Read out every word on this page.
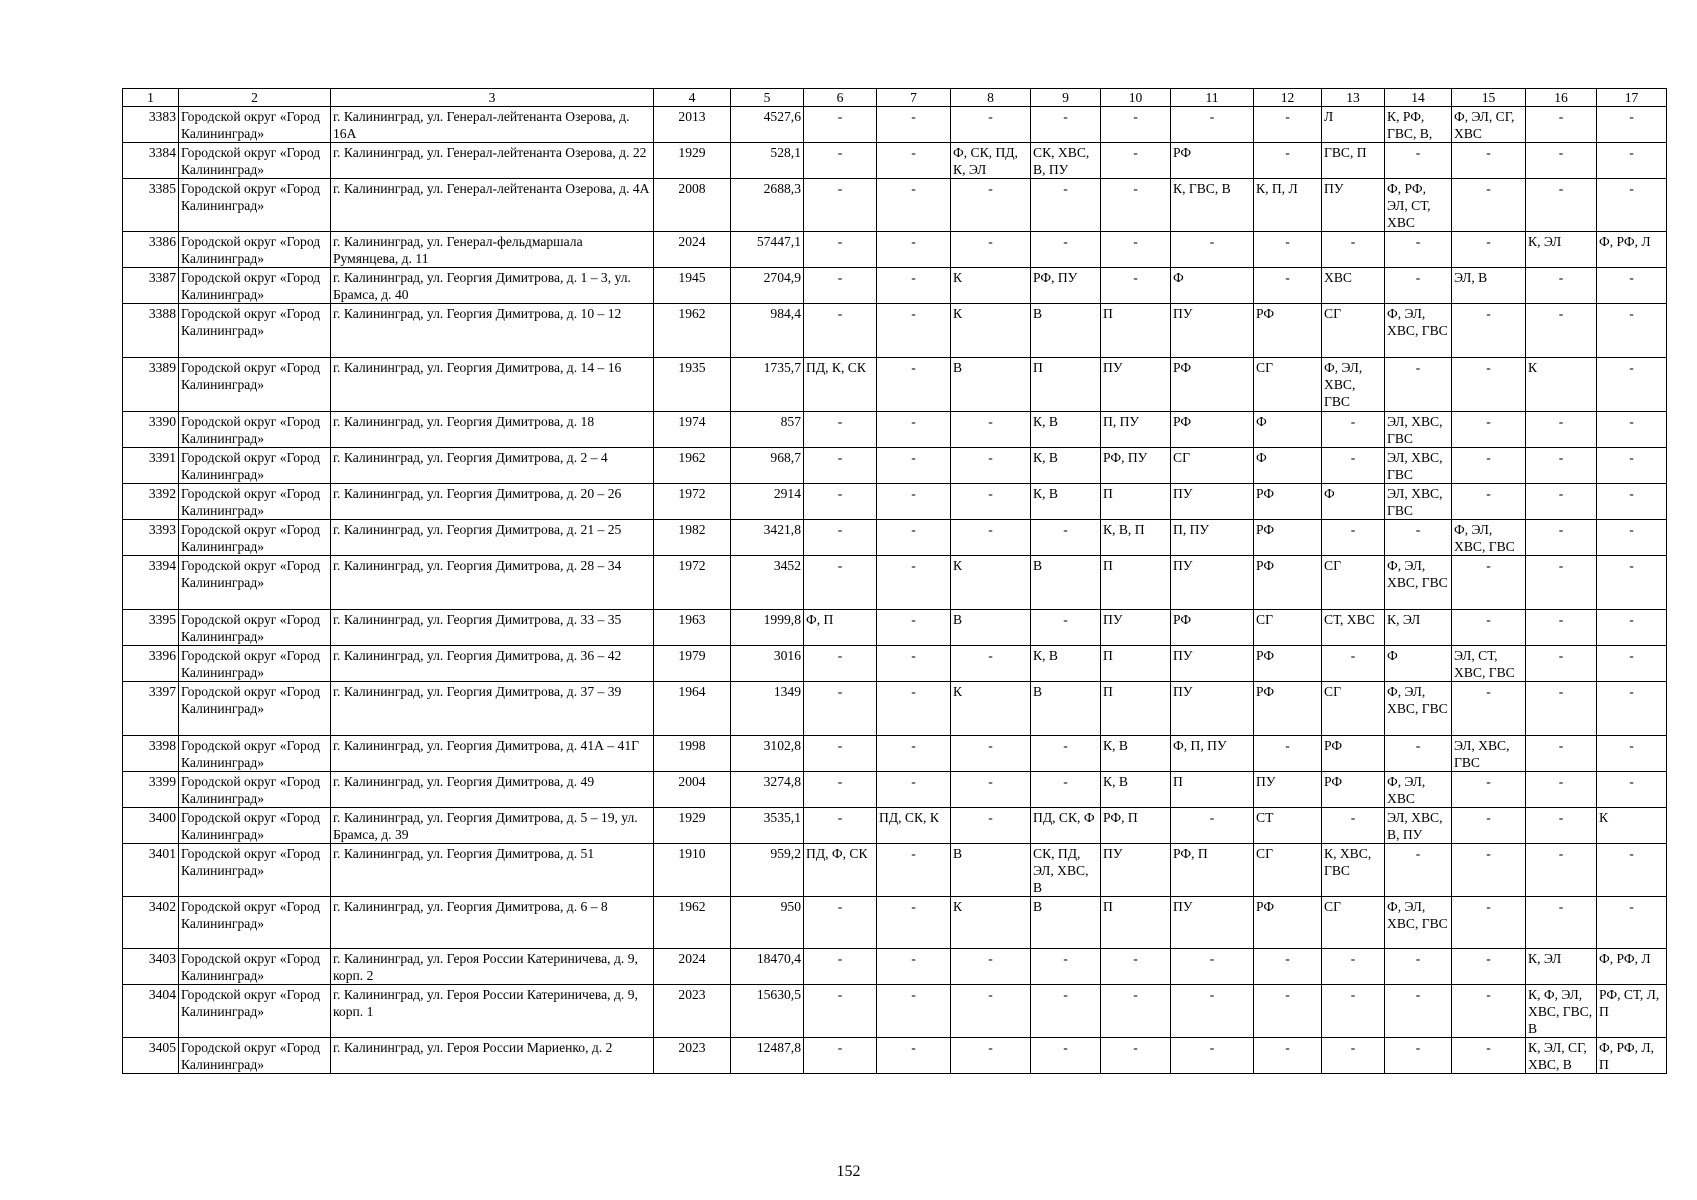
1	2	3	4	5	6	7	8	9	10	11	12	13	14	15	16	17
3383	Городской округ «Город Калининград»	г. Калининград, ул. Генерал-лейтенанта Озерова, д. 16А	2013	4527,6	-	-	-	-	-	-	-	Л	К, РФ, ГВС, В,	Ф, ЭЛ, СГ, ХВС	-	-
3384	Городской округ «Город Калининград»	г. Калининград, ул. Генерал-лейтенанта Озерова, д. 22	1929	528,1	-	-	Ф, СК, ПД, К, ЭЛ	СК, ХВС, В, ПУ	-	РФ	-	ГВС, П	-	-	-	-
3385	Городской округ «Город Калининград»	г. Калининград, ул. Генерал-лейтенанта Озерова, д. 4А	2008	2688,3	-	-	-	-	-	К, ГВС, В	К, П, Л	ПУ	Ф, РФ, ЭЛ, СТ, ХВС	-	-	-
3386	Городской округ «Город Калининград»	г. Калининград, ул. Генерал-фельдмаршала Румянцева, д. 11	2024	57447,1	-	-	-	-	-	-	-	-	-	-	К, ЭЛ	Ф, РФ, Л
3387	Городской округ «Город Калининград»	г. Калининград, ул. Георгия Димитрова, д. 1 – 3, ул. Брамса, д. 40	1945	2704,9	-	-	К	РФ, ПУ	-	Ф	-	ХВС	-	ЭЛ, В	-	-
3388	Городской округ «Город Калининград»	г. Калининград, ул. Георгия Димитрова, д. 10 – 12	1962	984,4	-	-	К	В	П	ПУ	РФ	СГ	Ф, ЭЛ, ХВС, ГВС	-	-	-
3389	Городской округ «Город Калининград»	г. Калининград, ул. Георгия Димитрова, д. 14 – 16	1935	1735,7	ПД, К, СК	-	В	П	ПУ	РФ	СГ	Ф, ЭЛ, ХВС, ГВС	-	-	К	-
3390	Городской округ «Город Калининград»	г. Калининград, ул. Георгия Димитрова, д. 18	1974	857	-	-	-	К, В	П, ПУ	РФ	Ф	-	ЭЛ, ХВС, ГВС	-	-	-
3391	Городской округ «Город Калининград»	г. Калининград, ул. Георгия Димитрова, д. 2 – 4	1962	968,7	-	-	-	К, В	РФ, ПУ	СГ	Ф	-	ЭЛ, ХВС, ГВС	-	-	-
3392	Городской округ «Город Калининград»	г. Калининград, ул. Георгия Димитрова, д. 20 – 26	1972	2914	-	-	-	К, В	П	ПУ	РФ	Ф	ЭЛ, ХВС, ГВС	-	-	-
3393	Городской округ «Город Калининград»	г. Калининград, ул. Георгия Димитрова, д. 21 – 25	1982	3421,8	-	-	-	-	К, В, П	П, ПУ	РФ	-	-	Ф, ЭЛ, ХВС, ГВС	-	-
3394	Городской округ «Город Калининград»	г. Калининград, ул. Георгия Димитрова, д. 28 – 34	1972	3452	-	-	К	В	П	ПУ	РФ	СГ	Ф, ЭЛ, ХВС, ГВС	-	-	-
3395	Городской округ «Город Калининград»	г. Калининград, ул. Георгия Димитрова, д. 33 – 35	1963	1999,8	Ф, П	-	В	-	ПУ	РФ	СГ	СТ, ХВС	К, ЭЛ	-	-	-
3396	Городской округ «Город Калининград»	г. Калининград, ул. Георгия Димитрова, д. 36 – 42	1979	3016	-	-	-	К, В	П	ПУ	РФ	-	Ф	ЭЛ, СТ, ХВС, ГВС	-	-
3397	Городской округ «Город Калининград»	г. Калининград, ул. Георгия Димитрова, д. 37 – 39	1964	1349	-	-	К	В	П	ПУ	РФ	СГ	Ф, ЭЛ, ХВС, ГВС	-	-	-
3398	Городской округ «Город Калининград»	г. Калининград, ул. Георгия Димитрова, д. 41А – 41Г	1998	3102,8	-	-	-	-	К, В	Ф, П, ПУ	-	РФ	-	ЭЛ, ХВС, ГВС	-	-
3399	Городской округ «Город Калининград»	г. Калининград, ул. Георгия Димитрова, д. 49	2004	3274,8	-	-	-	-	К, В	П	ПУ	РФ	Ф, ЭЛ, ХВС	-	-	-
3400	Городской округ «Город Калининград»	г. Калининград, ул. Георгия Димитрова, д. 5 – 19, ул. Брамса, д. 39	1929	3535,1	-	ПД, СК, К	-	ПД, СК, Ф	РФ, П	-	СТ	-	ЭЛ, ХВС, В, ПУ	-	-	К
3401	Городской округ «Город Калининград»	г. Калининград, ул. Георгия Димитрова, д. 51	1910	959,2	ПД, Ф, СК	-	В	СК, ПД, ЭЛ, ХВС, В	ПУ	РФ, П	СГ	К, ХВС, ГВС	-	-	-	-
3402	Городской округ «Город Калининград»	г. Калининград, ул. Георгия Димитрова, д. 6 – 8	1962	950	-	-	К	В	П	ПУ	РФ	СГ	Ф, ЭЛ, ХВС, ГВС	-	-	-
3403	Городской округ «Город Калининград»	г. Калининград, ул. Героя России Катериничева, д. 9, корп. 2	2024	18470,4	-	-	-	-	-	-	-	-	-	-	К, ЭЛ	Ф, РФ, Л
3404	Городской округ «Город Калининград»	г. Калининград, ул. Героя России Катериничева, д. 9, корп. 1	2023	15630,5	-	-	-	-	-	-	-	-	-	-	К, Ф, ЭЛ, ХВС, ГВС, В	РФ, СТ, Л, П
3405	Городской округ «Город Калининград»	г. Калининград, ул. Героя России Мариенко, д. 2	2023	12487,8	-	-	-	-	-	-	-	-	-	-	К, ЭЛ, СГ, ХВС, В	Ф, РФ, Л, П
152
